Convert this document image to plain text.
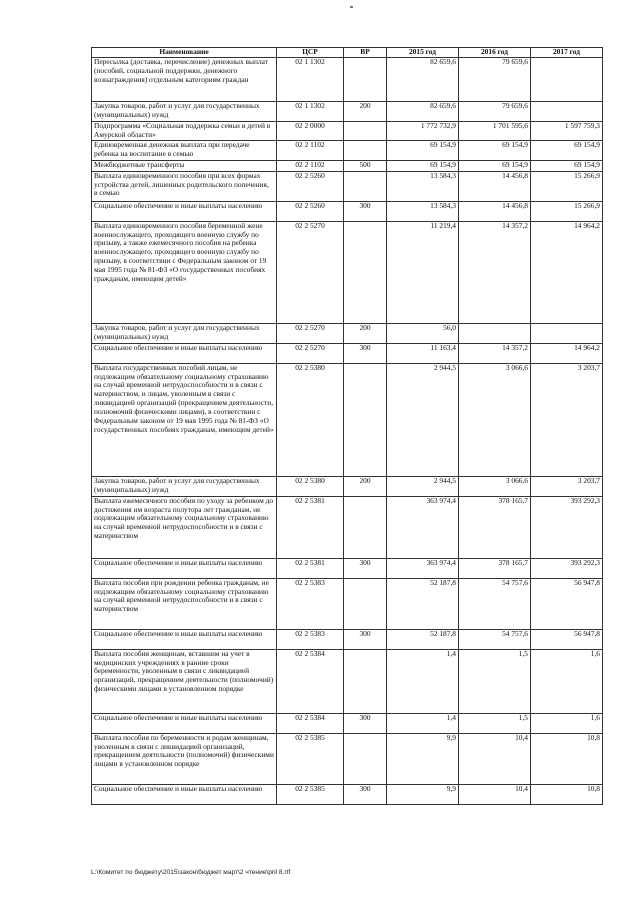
Наименование	ЦСР	ВР	2015 год	2016 год	2017 год
Пересылка (доставка, перечисление) денежных выплат (пособий, социальной поддержки, денежного вознаграждения) отдельным категориям граждан	02 1 1302		82 659,6	79 659,6	
Закупка товаров, работ и услуг для государственных (муниципальных) нужд	02 1 1302	200	82 659,6	79 659,6	
Подпрограмма «Социальная поддержка семьи и детей в Амурской области»	02 2 0000		1 772 732,9	1 701 595,6	1 597 759,3
Единовременная денежная выплата при передаче ребенка на воспитание в семью	02 2 1102		69 154,9	69 154,9	69 154,9
Межбюджетные трансферты	02 2 1102	500	69 154,9	69 154,9	69 154,9
Выплата единовременного пособия при всех формах устройства детей, лишенных родительского попечения, в семью	02 2 5260		13 584,3	14 456,8	15 266,9
Социальное обеспечение и иные выплаты населению	02 2 5260	300	13 584,3	14 456,8	15 266,9
Выплата единовременного пособия беременной жене военнослужащего, проходящего военную службу по призыву, а также ежемесячного пособия на ребенка военнослужащего, проходящего военную службу по призыву, в соответствии с Федеральным законом от 19 мая 1995 года № 81-ФЗ «О государственных пособиях гражданам, имеющим детей»	02 2 5270		11 219,4	14 357,2	14 964,2
Закупка товаров, работ и услуг для государственных (муниципальных) нужд	02 2 5270	200	56,0		
Социальное обеспечение и иные выплаты населению	02 2 5270	300	11 163,4	14 357,2	14 964,2
Выплата государственных пособий лицам, не подлежащим обязательному социальному страхованию на случай временной нетрудоспособности и в связи с материнством, и лицам, уволенным в связи с ликвидацией организаций (прекращением деятельности, полномочий физическими лицами), в соответствии с Федеральным законом от 19 мая 1995 года № 81-ФЗ «О государственных пособиях гражданам, имеющим детей»	02 2 5380		2 944,5	3 066,6	3 203,7
Закупка товаров, работ и услуг для государственных (муниципальных) нужд	02 2 5380	200	2 944,5	3 066,6	3 203,7
Выплата ежемесячного пособия по уходу за ребенком до достижения им возраста полутора лет гражданам, не подлежащим обязательному социальному страхованию на случай временной нетрудоспособности и в связи с материнством	02 2 5381		363 974,4	378 165,7	393 292,3
Социальное обеспечение и иные выплаты населению	02 2 5381	300	363 974,4	378 165,7	393 292,3
Выплата пособия при рождении ребенка гражданам, не подлежащим обязательному социальному страхованию на случай временной нетрудоспособности и в связи с материнством	02 2 5383		52 187,8	54 757,6	56 947,8
Социальное обеспечение и иные выплаты населению	02 2 5383	300	52 187,8	54 757,6	56 947,8
Выплата пособия женщинам, вставшим на учет в медицинских учреждениях в ранние сроки беременности, уволенным в связи с ликвидацией организаций, прекращением деятельности (полномочий) физическими лицами в установленном порядке	02 2 5384		1,4	1,5	1,6
Социальное обеспечение и иные выплаты населению	02 2 5384	300	1,4	1,5	1,6
Выплата пособия по беременности и родам женщинам, уволенным в связи с ликвидацией организаций, прекращением деятельности (полномочий) физическими лицами в установленном порядке	02 2 5385		9,9	10,4	10,8
Социальное обеспечение и иные выплаты населению	02 2 5385	300	9,9	10,4	10,8
L:\Комитет по бюджету\2015\закон\бюджет март\2 чтение\pril 8.rtf
